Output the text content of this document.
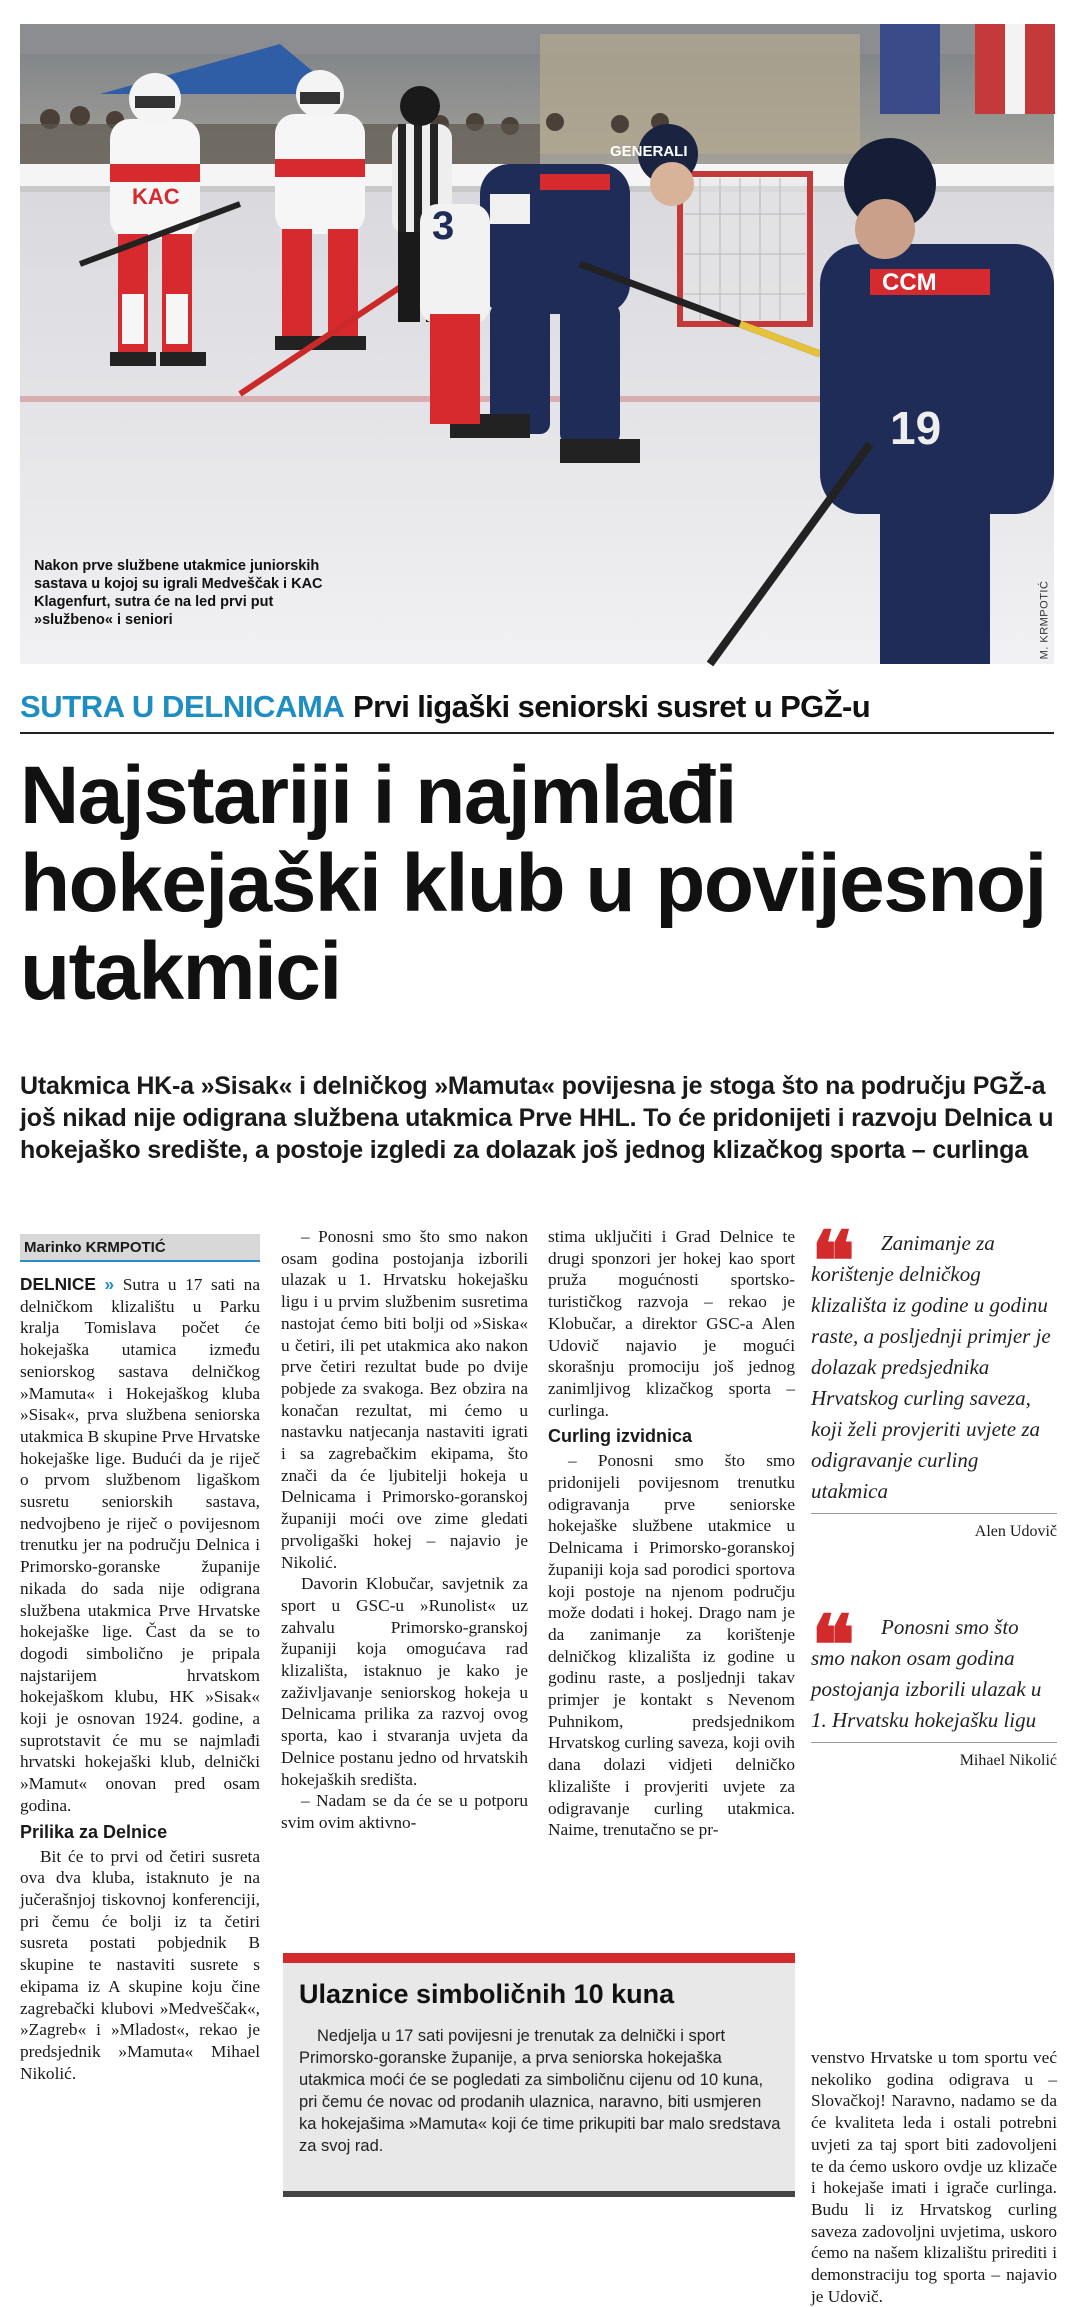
3
19
GENERALI
CCM
KAC
Nakon prve službene utakmice juniorskih sastava u kojoj su igrali Medveščak i KAC Klagenfurt, sutra će na led prvi put »službeno« i seniori	M. KRMPOTIĆ
SUTRA U DELNICAMA Prvi ligaški seniorski susret u PGŽ-u
Najstariji i najmlađi hokejaški klub u povijesnoj utakmici
Utakmica HK-a »Sisak« i delničkog »Mamuta« povijesna je stoga što na području PGŽ-a još nikad nije odigrana službena utakmica Prve HHL. To će pridonijeti i razvoju Delnica u hokejaško središte, a postoje izgledi za dolazak još jednog klizačkog sporta – curlinga
Marinko KRMPOTIĆ

DELNICE » Sutra u 17 sati na delničkom klizalištu u Parku kralja Tomislava počet će hokejaška utamica između seniorskog sastava delničkog »Mamuta« i Hokejaškog kluba »Sisak«, prva službena seniorska utakmica B skupine Prve Hrvatske hokejaške lige. Budući da je riječ o prvom službenom ligaškom susretu seniorskih sastava, nedvojbeno je riječ o povijesnom trenutku jer na području Delnica i Primorsko-goranske županije nikada do sada nije odigrana službena utakmica Prve Hrvatske hokejaške lige. Čast da se to dogodi simbolično je pripala najstarijem hrvatskom hokejaškom klubu, HK »Sisak« koji je osnovan 1924. godine, a suprotstavit će mu se najmlađi hrvatski hokejaški klub, delnički »Mamut« onovan pred osam godina.

Prilika za Delnice

Bit će to prvi od četiri susreta ova dva kluba, istaknuto je na jučerašnjoj tiskovnoj konferenciji, pri čemu će bolji iz ta četiri susreta postati pobjednik B skupine te nastaviti susrete s ekipama iz A skupine koju čine zagrebački klubovi »Medveščak«, »Zagreb« i »Mladost«, rekao je predsjednik »Mamuta« Mihael Nikolić.

– Ponosni smo što smo nakon osam godina postojanja izborili ulazak u 1. Hrvatsku hokejašku ligu i u prvim službenim susretima nastojat ćemo biti bolji od »Siska« u četiri, ili pet utakmica ako nakon prve četiri rezultat bude po dvije pobjede za svakoga. Bez obzira na konačan rezultat, mi ćemo u nastavku natjecanja nastaviti igrati i sa zagrebačkim ekipama, što znači da će ljubitelji hokeja u Delnicama i Primorsko-goranskoj županiji moći ove zime gledati prvoligaški hokej – najavio je Nikolić.

Davorin Klobučar, savjetnik za sport u GSC-u »Runolist« uz zahvalu Primorsko-granskoj županiji koja omogućava rad klizališta, istaknuo je kako je zaživljavanje seniorskog hokeja u Delnicama prilika za razvoj ovog sporta, kao i stvaranja uvjeta da Delnice postanu jedno od hrvatskih hokejaških središta.

– Nadam se da će se u potporu svim ovim aktivno-

stima uključiti i Grad Delnice te drugi sponzori jer hokej kao sport pruža mogućnosti sportsko-turističkog razvoja – rekao je Klobučar, a direktor GSC-a Alen Udovič najavio je mogući skorašnju promociju još jednog zanimljivog klizačkog sporta – curlinga.

Curling izvidnica

– Ponosni smo što smo pridonijeli povijesnom trenutku odigravanja prve seniorske hokejaške službene utakmice u Delnicama i Primorsko-goranskoj županiji koja sad porodici sportova koji postoje na njenom području može dodati i hokej. Drago nam je da zanimanje za korištenje delničkog klizališta iz godine u godinu raste, a posljednji takav primjer je kontakt s Nevenom Puhnikom, predsjednikom Hrvatskog curling saveza, koji ovih dana dolazi vidjeti delničko klizalište i provjeriti uvjete za odigravanje curling utakmica. Naime, trenutačno se pr-

❝	Zanimanje za korištenje delničkog klizališta iz godine u godinu raste, a posljednji primjer je dolazak predsjednika Hrvatskog curling saveza, koji želi provjeriti uvjete za odigravanje curling utakmica

Alen Udovič

❝	Ponosni smo što smo nakon osam godina postojanja izborili ulazak u 1. Hrvatsku hokejašku ligu

Mihael Nikolić

venstvo Hrvatske u tom sportu već nekoliko godina odigrava u – Slovačkoj! Naravno, nadamo se da će kvaliteta leda i ostali potrebni uvjeti za taj sport biti zadovoljeni te da ćemo uskoro ovdje uz klizače i hokejaše imati i igrače curlinga. Budu li iz Hrvatskog curling saveza zadovoljni uvjetima, uskoro ćemo na našem klizalištu prirediti i demonstraciju tog sporta – najavio je Udovič.

Ulaznice simboličnih 10 kuna
Nedjelja u 17 sati povijesni je trenutak za delnički i sport Primorsko-goranske županije, a prva seniorska hokejaška utakmica moći će se pogledati za simboličnu cijenu od 10 kuna, pri čemu će novac od prodanih ulaznica, naravno, biti usmjeren ka hokejašima »Mamuta« koji će time prikupiti bar malo sredstava za svoj rad.
